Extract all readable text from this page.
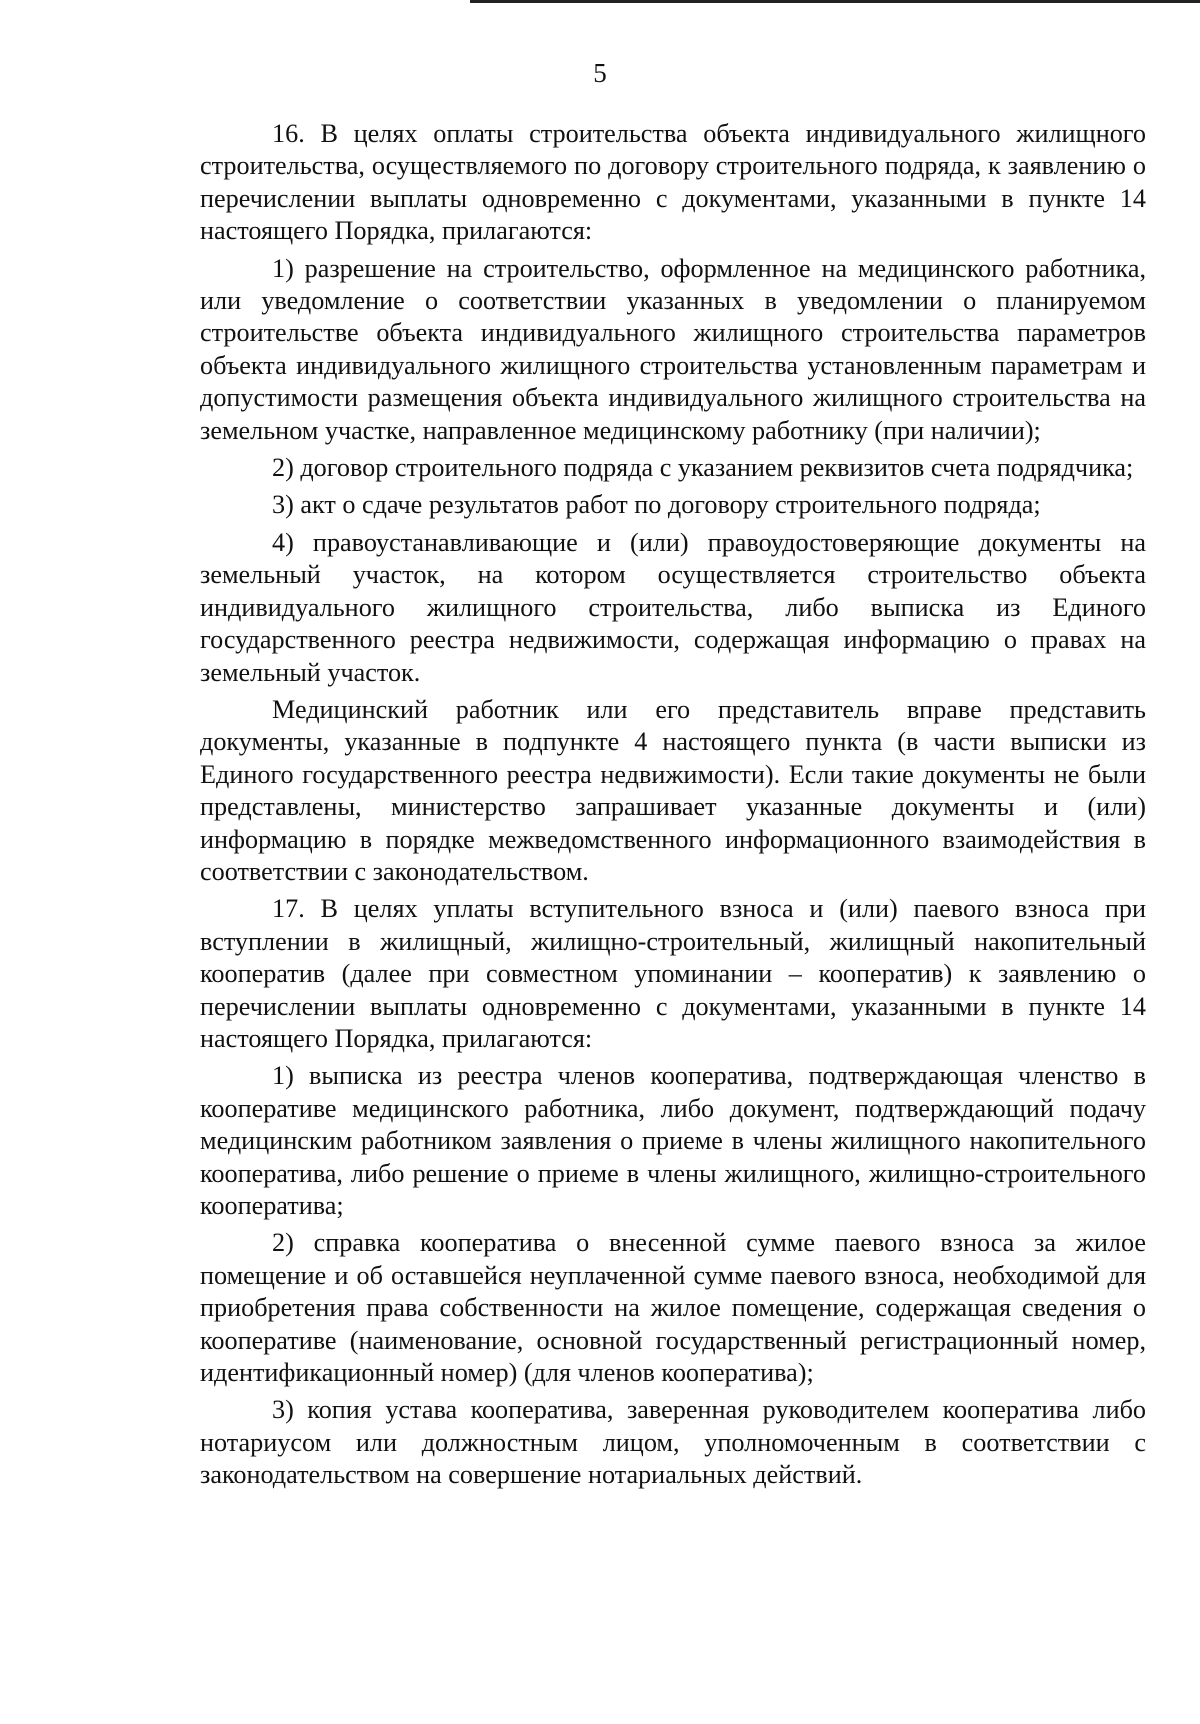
5

16. В целях оплаты строительства объекта индивидуального жилищного строительства, осуществляемого по договору строительного подряда, к заявлению о перечислении выплаты одновременно с документами, указанными в пункте 14 настоящего Порядка, прилагаются:

1) разрешение на строительство, оформленное на медицинского работника, или уведомление о соответствии указанных в уведомлении о планируемом строительстве объекта индивидуального жилищного строительства параметров объекта индивидуального жилищного строительства установленным параметрам и допустимости размещения объекта индивидуального жилищного строительства на земельном участке, направленное медицинскому работнику (при наличии);

2) договор строительного подряда с указанием реквизитов счета подрядчика;

3) акт о сдаче результатов работ по договору строительного подряда;

4) правоустанавливающие и (или) правоудостоверяющие документы на земельный участок, на котором осуществляется строительство объекта индивидуального жилищного строительства, либо выписка из Единого государственного реестра недвижимости, содержащая информацию о правах на земельный участок.

Медицинский работник или его представитель вправе представить документы, указанные в подпункте 4 настоящего пункта (в части выписки из Единого государственного реестра недвижимости). Если такие документы не были представлены, министерство запрашивает указанные документы и (или) информацию в порядке межведомственного информационного взаимодействия в соответствии с законодательством.

17. В целях уплаты вступительного взноса и (или) паевого взноса при вступлении в жилищный, жилищно-строительный, жилищный накопительный кооператив (далее при совместном упоминании – кооператив) к заявлению о перечислении выплаты одновременно с документами, указанными в пункте 14 настоящего Порядка, прилагаются:

1) выписка из реестра членов кооператива, подтверждающая членство в кооперативе медицинского работника, либо документ, подтверждающий подачу медицинским работником заявления о приеме в члены жилищного накопительного кооператива, либо решение о приеме в члены жилищного, жилищно-строительного кооператива;

2) справка кооператива о внесенной сумме паевого взноса за жилое помещение и об оставшейся неуплаченной сумме паевого взноса, необходимой для приобретения права собственности на жилое помещение, содержащая сведения о кооперативе (наименование, основной государственный регистрационный номер, идентификационный номер) (для членов кооператива);

3) копия устава кооператива, заверенная руководителем кооператива либо нотариусом или должностным лицом, уполномоченным в соответствии с законодательством на совершение нотариальных действий.
